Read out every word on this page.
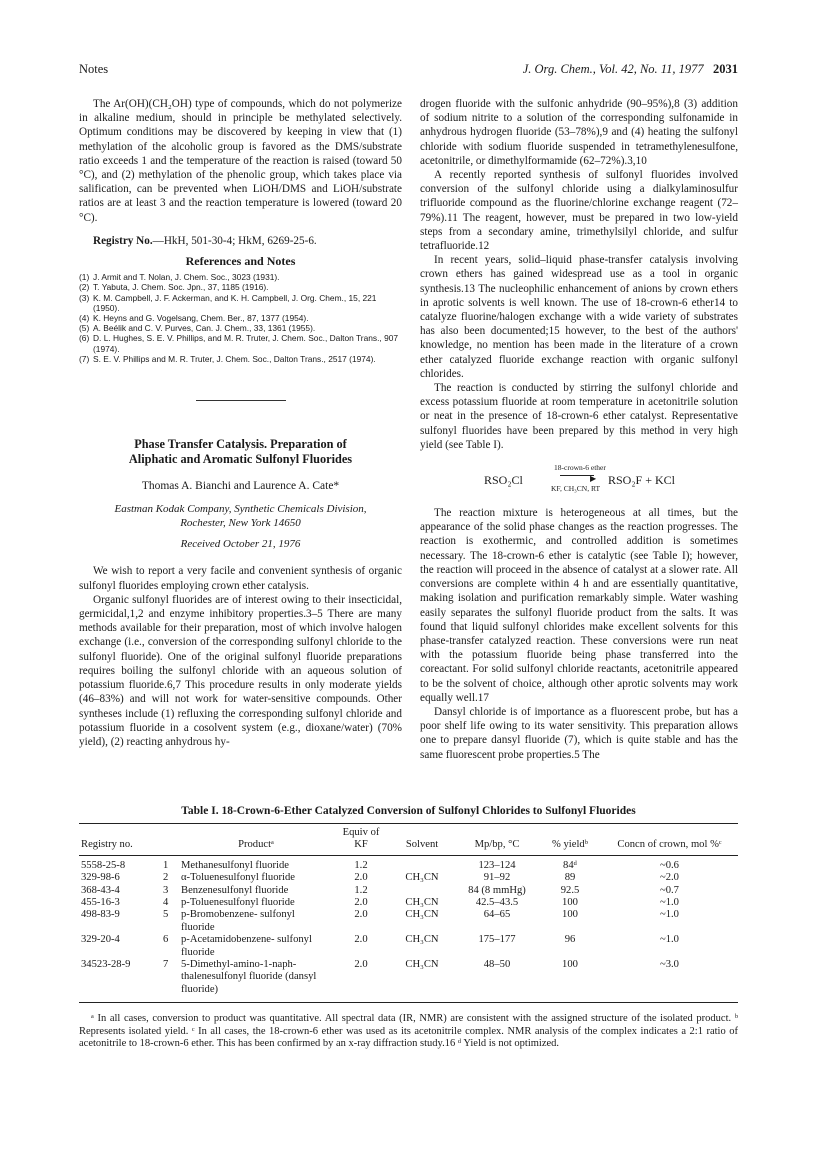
Notes	J. Org. Chem., Vol. 42, No. 11, 1977 2031

The Ar(OH)(CH₂OH) type of compounds, which do not polymerize in alkaline medium, should in principle be methylated selectively. Optimum conditions may be discovered by keeping in view that (1) methylation of the alcoholic group is favored as the DMS/substrate ratio exceeds 1 and the temperature of the reaction is raised (toward 50 °C), and (2) methylation of the phenolic group, which takes place via salification, can be prevented when LiOH/DMS and LiOH/substrate ratios are at least 3 and the reaction temperature is lowered (toward 20 °C).

Registry No.—HkH, 501-30-4; HkM, 6269-25-6.

References and Notes
(1) J. Armit and T. Nolan, J. Chem. Soc., 3023 (1931).
(2) T. Yabuta, J. Chem. Soc. Jpn., 37, 1185 (1916).
(3) K. M. Campbell, J. F. Ackerman, and K. H. Campbell, J. Org. Chem., 15, 221 (1950).
(4) K. Heyns and G. Vogelsang, Chem. Ber., 87, 1377 (1954).
(5) A. Beélik and C. V. Purves, Can. J. Chem., 33, 1361 (1955).
(6) D. L. Hughes, S. E. V. Phillips, and M. R. Truter, J. Chem. Soc., Dalton Trans., 907 (1974).
(7) S. E. V. Phillips and M. R. Truter, J. Chem. Soc., Dalton Trans., 2517 (1974).
Phase Transfer Catalysis. Preparation of
Aliphatic and Aromatic Sulfonyl Fluorides
Thomas A. Bianchi and Laurence A. Cate*
Eastman Kodak Company, Synthetic Chemicals Division,
Rochester, New York 14650
Received October 21, 1976

We wish to report a very facile and convenient synthesis of organic sulfonyl fluorides employing crown ether catalysis.

Organic sulfonyl fluorides are of interest owing to their insecticidal, germicidal,1,2 and enzyme inhibitory properties.3–5 There are many methods available for their preparation, most of which involve halogen exchange (i.e., conversion of the corresponding sulfonyl chloride to the sulfonyl fluoride). One of the original sulfonyl fluoride preparations requires boiling the sulfonyl chloride with an aqueous solution of potassium fluoride.6,7 This procedure results in only moderate yields (46–83%) and will not work for water-sensitive compounds. Other syntheses include (1) refluxing the corresponding sulfonyl chloride and potassium fluoride in a cosolvent system (e.g., dioxane/water) (70% yield), (2) reacting anhydrous hy-

drogen fluoride with the sulfonic anhydride (90–95%),8 (3) addition of sodium nitrite to a solution of the corresponding sulfonamide in anhydrous hydrogen fluoride (53–78%),9 and (4) heating the sulfonyl chloride with sodium fluoride suspended in tetramethylenesulfone, acetonitrile, or dimethylformamide (62–72%).3,10

A recently reported synthesis of sulfonyl fluorides involved conversion of the sulfonyl chloride using a dialkylaminosulfur trifluoride compound as the fluorine/chlorine exchange reagent (72–79%).11 The reagent, however, must be prepared in two low-yield steps from a secondary amine, trimethylsilyl chloride, and sulfur tetrafluoride.12

In recent years, solid–liquid phase-transfer catalysis involving crown ethers has gained widespread use as a tool in organic synthesis.13 The nucleophilic enhancement of anions by crown ethers in aprotic solvents is well known. The use of 18-crown-6 ether14 to catalyze fluorine/halogen exchange with a wide variety of substrates has also been documented;15 however, to the best of the authors' knowledge, no mention has been made in the literature of a crown ether catalyzed fluoride exchange reaction with organic sulfonyl chlorides.

The reaction is conducted by stirring the sulfonyl chloride and excess potassium fluoride at room temperature in acetonitrile solution or neat in the presence of 18-crown-6 ether catalyst. Representative sulfonyl fluorides have been prepared by this method in very high yield (see Table I).

RSO₂Cl
18-crown-6 ether
▶
KF, CH₃CN, RT
RSO₂F + KCl

The reaction mixture is heterogeneous at all times, but the appearance of the solid phase changes as the reaction progresses. The reaction is exothermic, and controlled addition is sometimes necessary. The 18-crown-6 ether is catalytic (see Table I); however, the reaction will proceed in the absence of catalyst at a slower rate. All conversions are complete within 4 h and are essentially quantitative, making isolation and purification remarkably simple. Water washing easily separates the sulfonyl fluoride product from the salts. It was found that liquid sulfonyl chlorides make excellent solvents for this phase-transfer catalyzed reaction. These conversions were run neat with the potassium fluoride being phase transferred into the coreactant. For solid sulfonyl chloride reactants, acetonitrile appeared to be the solvent of choice, although other aprotic solvents may work equally well.17

Dansyl chloride is of importance as a fluorescent probe, but has a poor shelf life owing to its water sensitivity. This preparation allows one to prepare dansyl fluoride (7), which is quite stable and has the same fluorescent probe properties.5 The

Table I. 18-Crown-6-Ether Catalyzed Conversion of Sulfonyl Chlorides to Sulfonyl Fluorides
Registry no.		Productᵃ	Equiv of KF	Solvent	Mp/bp, °C	% yieldᵇ	Concn of crown, mol %ᶜ
5558-25-8	1	Methanesulfonyl fluoride	1.2		123–124	84ᵈ	~0.6
329-98-6	2	α-Toluenesulfonyl fluoride	2.0	CH₃CN	91–92	89	~2.0
368-43-4	3	Benzenesulfonyl fluoride	1.2		84 (8 mmHg)	92.5	~0.7
455-16-3	4	p-Toluenesulfonyl fluoride	2.0	CH₃CN	42.5–43.5	100	~1.0
498-83-9	5	p-Bromobenzene- sulfonyl fluoride	2.0	CH₃CN	64–65	100	~1.0
329-20-4	6	p-Acetamidobenzene- sulfonyl fluoride	2.0	CH₃CN	175–177	96	~1.0
34523-28-9	7	5-Dimethyl-amino-1-naph- thalenesulfonyl fluoride (dansyl fluoride)	2.0	CH₃CN	48–50	100	~3.0
ᵃ In all cases, conversion to product was quantitative. All spectral data (IR, NMR) are consistent with the assigned structure of the isolated product. ᵇ Represents isolated yield. ᶜ In all cases, the 18-crown-6 ether was used as its acetonitrile complex. NMR analysis of the complex indicates a 2:1 ratio of acetonitrile to 18-crown-6 ether. This has been confirmed by an x-ray diffraction study.16 ᵈ Yield is not optimized.
